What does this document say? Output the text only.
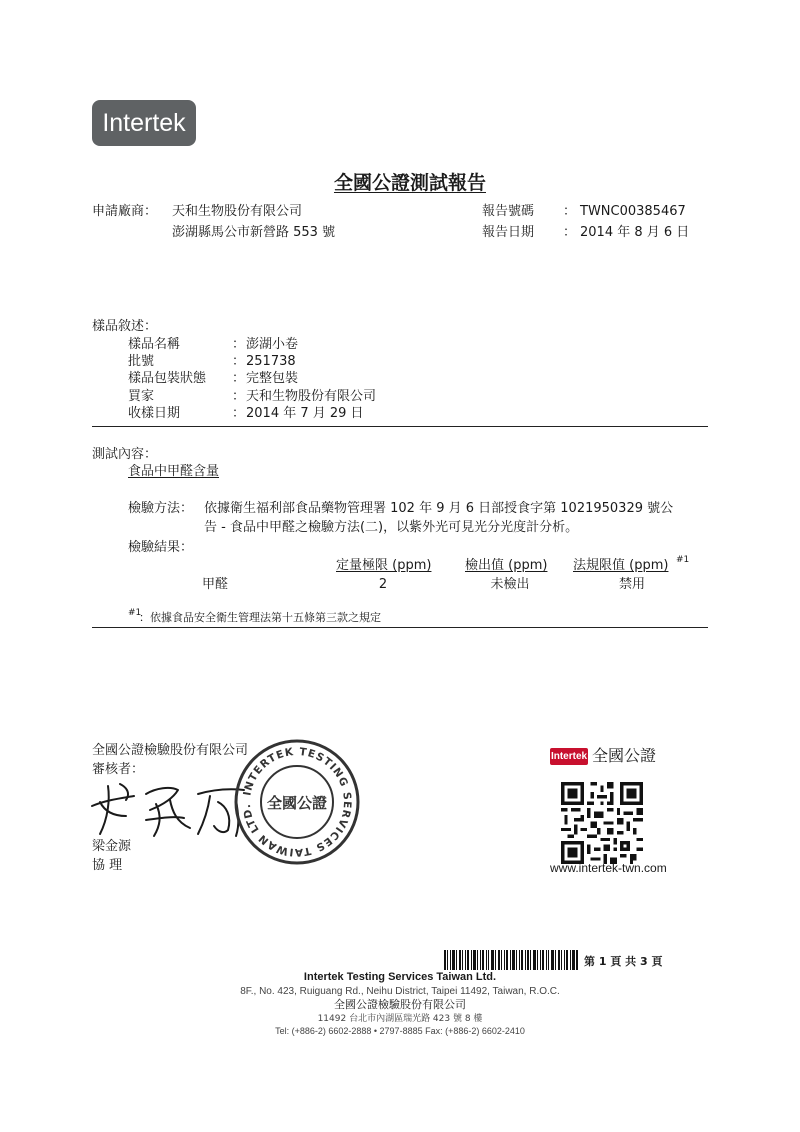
Intertek
全國公證測試報告
申請廠商： 天和生物股份有限公司
澎湖縣馬公市新營路 553 號
報告號碼 ： TWNC00385467
報告日期 ： 2014 年 8 月 6 日
樣品敘述：
樣品名稱	： 澎湖小卷
批號	： 251738
樣品包裝狀態 ： 完整包裝
買家	： 天和生物股份有限公司
收樣日期	： 2014 年 7 月 29 日
測試內容：
食品中甲醛含量
檢驗方法： 依據衛生福利部食品藥物管理署 102 年 9 月 6 日部授食字第 1021950329 號公
告 - 食品中甲醛之檢驗方法(二)，以紫外光可見光分光度計分析。
檢驗結果：
定量極限 (ppm)	檢出值 (ppm) 法規限值 (ppm) #1
甲醛	2	未檢出	禁用
#1
：依據食品安全衛生管理法第十五條第三款之規定
全國公證檢驗股份有限公司
審核者：
梁金源
協 理
INTERTEK TESTING SERVICES TAIWAN LTD. 全國公證
Intertek 全國公證
www.intertek-twn.com
第 1 頁 共 3 頁
Intertek Testing Services Taiwan Ltd.
8F., No. 423, Ruiguang Rd., Neihu District, Taipei 11492, Taiwan, R.O.C.
全國公證檢驗股份有限公司
11492 台北市內湖區瑞光路 423 號 8 樓
Tel: (+886-2) 6602-2888 • 2797-8885 Fax: (+886-2) 6602-2410
